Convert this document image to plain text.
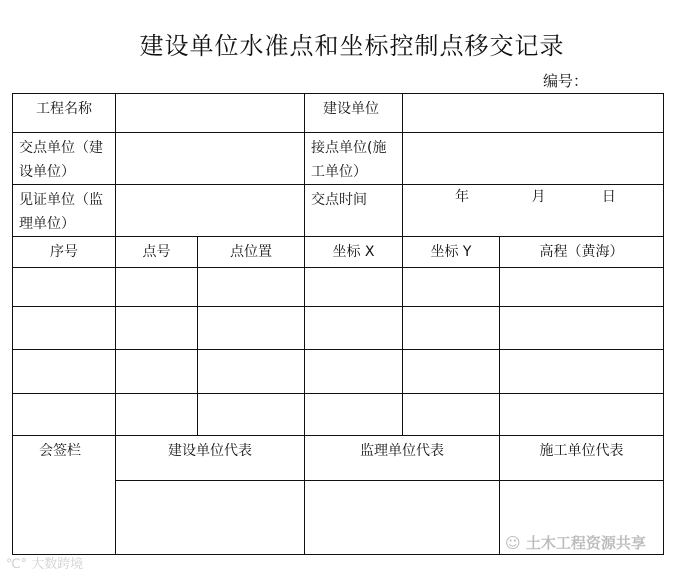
建设单位水准点和坐标控制点移交记录
编号：
工程名称			建设单位		
交点单位（建设单位）			接点单位(施工单位）		
见证单位（监理单位）			交点时间	年 月 日	
序号	点号	点位置	坐标 X	坐标 Y	高程（黄海）

会签栏	建设单位代表		监理单位代表		施工单位代表

℃° 大数跨境
☺ 土木工程资源共享
